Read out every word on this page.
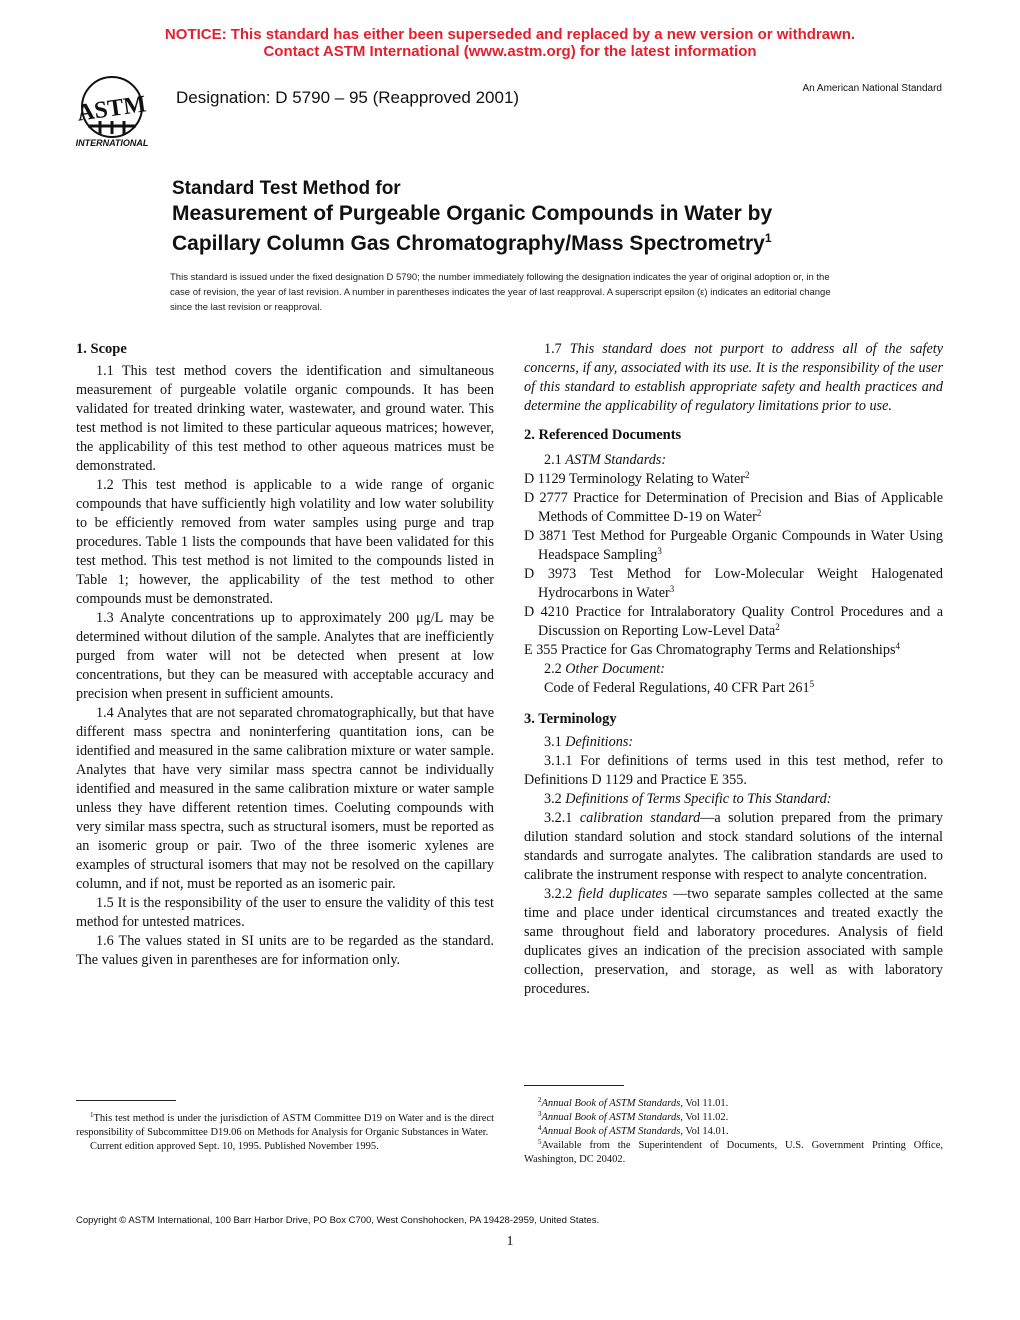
NOTICE: This standard has either been superseded and replaced by a new version or withdrawn.
Contact ASTM International (www.astm.org) for the latest information
ASTM
INTERNATIONAL
Designation: D 5790 – 95 (Reapproved 2001)	An American National Standard
Standard Test Method for
Measurement of Purgeable Organic Compounds in Water by
Capillary Column Gas Chromatography/Mass Spectrometry$^1$
This standard is issued under the fixed designation D 5790; the number immediately following the designation indicates the year of original adoption or, in the case of revision, the year of last revision. A number in parentheses indicates the year of last reapproval. A superscript epsilon (ε) indicates an editorial change since the last revision or reapproval.
1. Scope

1.1 This test method covers the identification and simultaneous measurement of purgeable volatile organic compounds. It has been validated for treated drinking water, wastewater, and ground water. This test method is not limited to these particular aqueous matrices; however, the applicability of this test method to other aqueous matrices must be demonstrated.

1.2 This test method is applicable to a wide range of organic compounds that have sufficiently high volatility and low water solubility to be efficiently removed from water samples using purge and trap procedures. Table 1 lists the compounds that have been validated for this test method. This test method is not limited to the compounds listed in Table 1; however, the applicability of the test method to other compounds must be demonstrated.

1.3 Analyte concentrations up to approximately 200 μg/L may be determined without dilution of the sample. Analytes that are inefficiently purged from water will not be detected when present at low concentrations, but they can be measured with acceptable accuracy and precision when present in sufficient amounts.

1.4 Analytes that are not separated chromatographically, but that have different mass spectra and noninterfering quantitation ions, can be identified and measured in the same calibration mixture or water sample. Analytes that have very similar mass spectra cannot be individually identified and measured in the same calibration mixture or water sample unless they have different retention times. Coeluting compounds with very similar mass spectra, such as structural isomers, must be reported as an isomeric group or pair. Two of the three isomeric xylenes are examples of structural isomers that may not be resolved on the capillary column, and if not, must be reported as an isomeric pair.

1.5 It is the responsibility of the user to ensure the validity of this test method for untested matrices.

1.6 The values stated in SI units are to be regarded as the standard. The values given in parentheses are for information only.

1.7 This standard does not purport to address all of the safety concerns, if any, associated with its use. It is the responsibility of the user of this standard to establish appropriate safety and health practices and determine the applicability of regulatory limitations prior to use.

2. Referenced Documents

2.1 ASTM Standards:

D 1129 Terminology Relating to Water$^2$
D 2777 Practice for Determination of Precision and Bias of Applicable Methods of Committee D-19 on Water$^2$
D 3871 Test Method for Purgeable Organic Compounds in Water Using Headspace Sampling$^3$
D 3973 Test Method for Low-Molecular Weight Halogenated Hydrocarbons in Water$^3$
D 4210 Practice for Intralaboratory Quality Control Procedures and a Discussion on Reporting Low-Level Data$^2$
E 355 Practice for Gas Chromatography Terms and Relationships$^4$

2.2 Other Document:

Code of Federal Regulations, 40 CFR Part $261^5$

3. Terminology

3.1 Definitions:

3.1.1 For definitions of terms used in this test method, refer to Definitions D 1129 and Practice E 355.

3.2 Definitions of Terms Specific to This Standard:

3.2.1 calibration standard—a solution prepared from the primary dilution standard solution and stock standard solutions of the internal standards and surrogate analytes. The calibration standards are used to calibrate the instrument response with respect to analyte concentration.

3.2.2 field duplicates —two separate samples collected at the same time and place under identical circumstances and treated exactly the same throughout field and laboratory procedures. Analysis of field duplicates gives an indication of the precision associated with sample collection, preservation, and storage, as well as with laboratory procedures.

$^1$This test method is under the jurisdiction of ASTM Committee D19 on Water and is the direct responsibility of Subcommittee D19.06 on Methods for Analysis for Organic Substances in Water.

Current edition approved Sept. 10, 1995. Published November 1995.

$^2$Annual Book of ASTM Standards, Vol 11.01.

$^3$Annual Book of ASTM Standards, Vol 11.02.

$^4$Annual Book of ASTM Standards, Vol 14.01.

$^5$Available from the Superintendent of Documents, U.S. Government Printing Office, Washington, DC 20402.

Copyright © ASTM International, 100 Barr Harbor Drive, PO Box C700, West Conshohocken, PA 19428-2959, United States.
1
